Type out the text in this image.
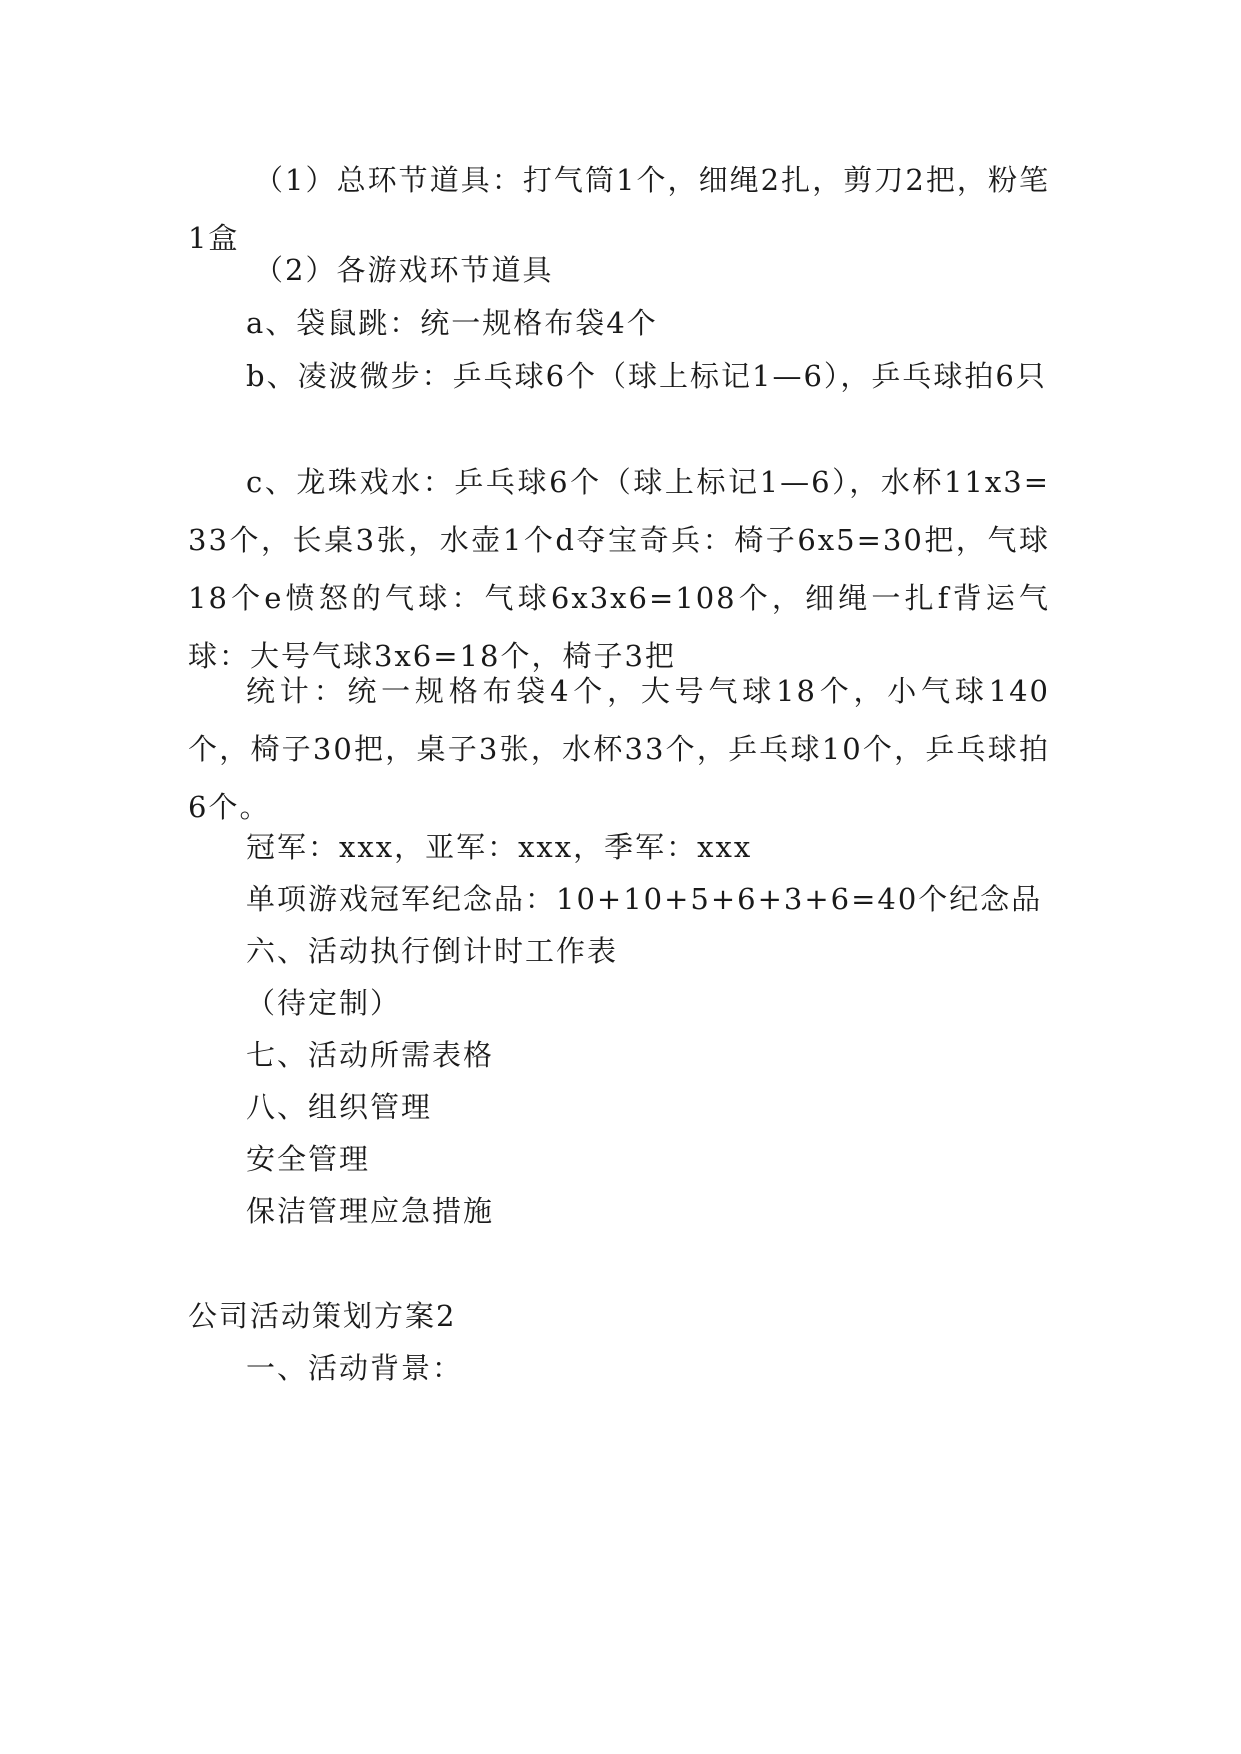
（1）总环节道具：打气筒1个，细绳2扎，剪刀2把，粉笔1盒

（2）各游戏环节道具

a、袋鼠跳：统一规格布袋4个

b、凌波微步：乒乓球6个（球上标记1—6），乒乓球拍6只

c、龙珠戏水：乒乓球6个（球上标记1—6），水杯11x3=33个，长桌3张，水壶1个d夺宝奇兵：椅子6x5=30把，气球18个e愤怒的气球：气球6x3x6=108个，细绳一扎f背运气球：大号气球3x6=18个，椅子3把

统计：统一规格布袋4个，大号气球18个，小气球140个，椅子30把，桌子3张，水杯33个，乒乓球10个，乒乓球拍6个。

冠军：xxx，亚军：xxx，季军：xxx

单项游戏冠军纪念品：10+10+5+6+3+6=40个纪念品

六、活动执行倒计时工作表

（待定制）

七、活动所需表格

八、组织管理

安全管理

保洁管理应急措施

公司活动策划方案2

一、活动背景：
